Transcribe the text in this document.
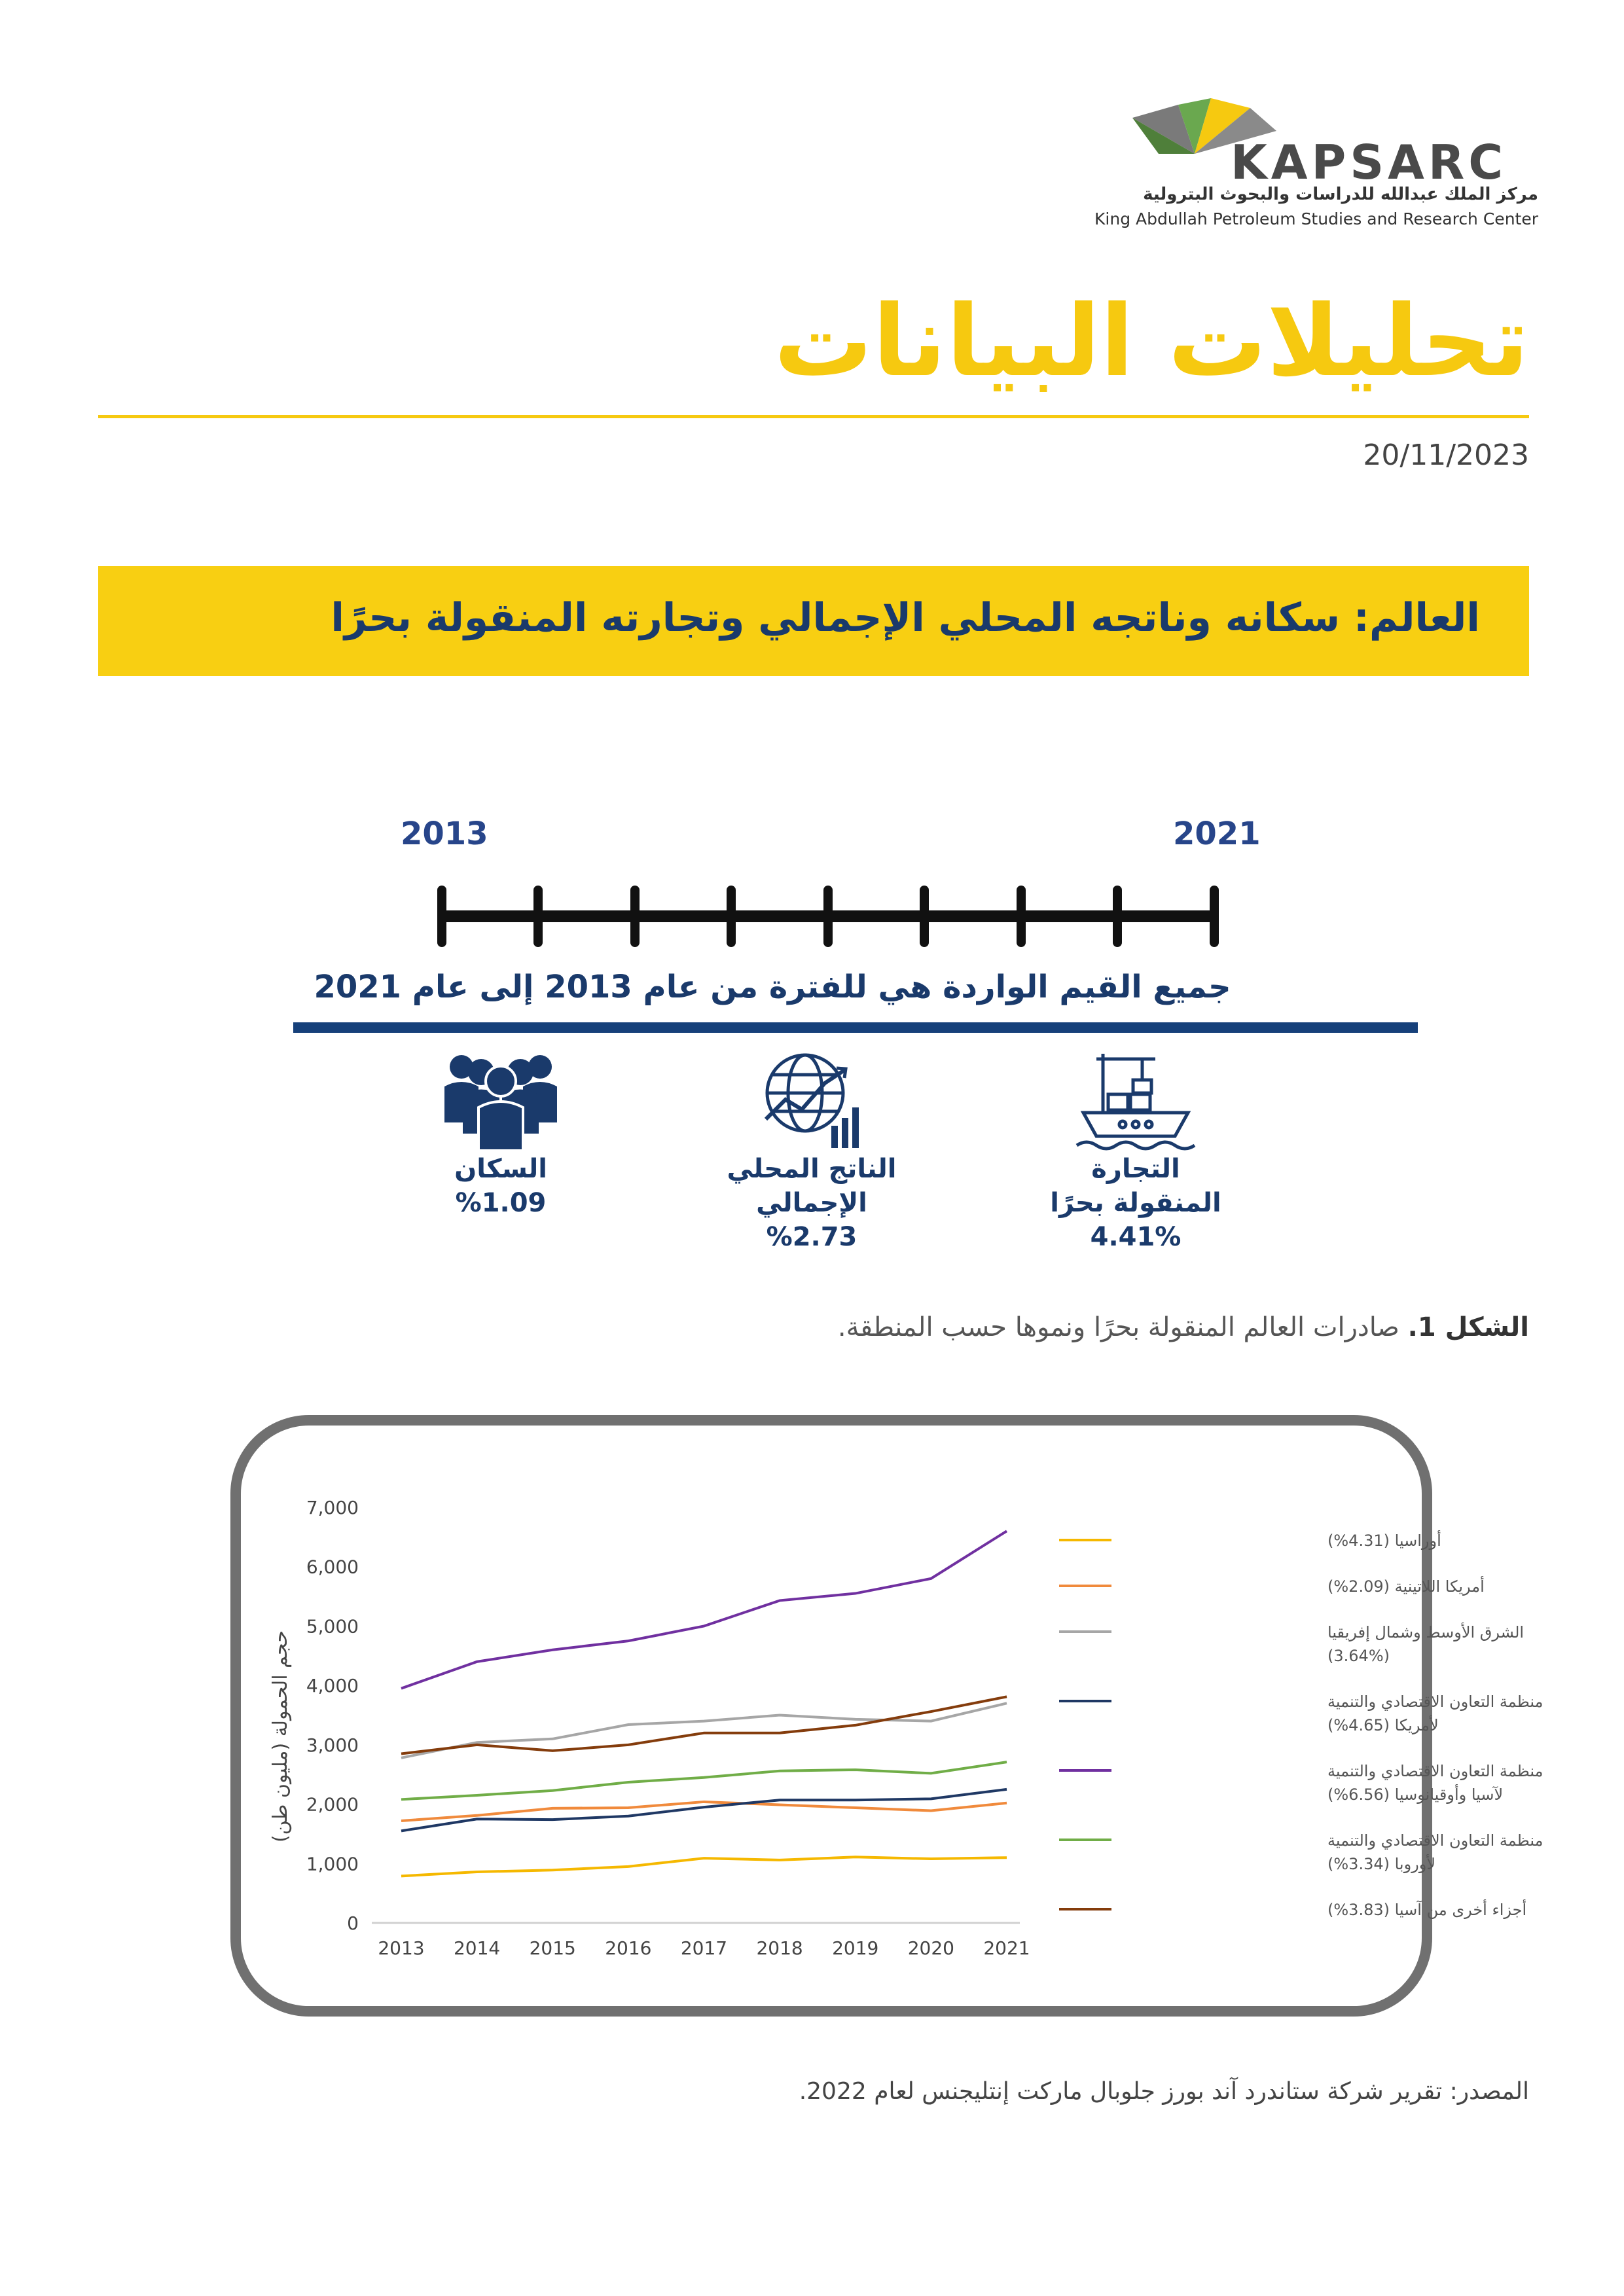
KAPSARC
مركز الملك عبدالله للدراسات والبحوث البترولية
King Abdullah Petroleum Studies and Research Center
تحليلات البيانات
20/11/2023
العالم: سكانه وناتجه المحلي الإجمالي وتجارته المنقولة بحرًا
2013	2021
جميع القيم الواردة هي للفترة من عام 2013 إلى عام 2021
السكان
%1.09
الناتج المحلي
الإجمالي
%2.73
التجارة
المنقولة بحرًا
4.41%
الشكل 1. صادرات العالم المنقولة بحرًا ونموها حسب المنطقة.
0
1,000
2,000
3,000
4,000
5,000
6,000
7,000
2013 2014 2015 2016 2017 2018 2019 2020 2021
حجم الحمولة (مليون طن)
أوراسيا (4.31%)
أمريكا اللاتينية (2.09%)
الشرق الأوسط وشمال إفريقيا
(3.64%)
منظمة التعاون الاقتصادي والتنمية
لأمريكا (4.65%)
منظمة التعاون الاقتصادي والتنمية
لآسيا وأوقيانوسيا (6.56%)
منظمة التعاون الاقتصادي والتنمية
لأوروبا (3.34%)
أجزاء أخرى من آسيا (3.83%)
المصدر: تقرير شركة ستاندرد آند بورز جلوبال ماركت إنتليجنس لعام 2022.
